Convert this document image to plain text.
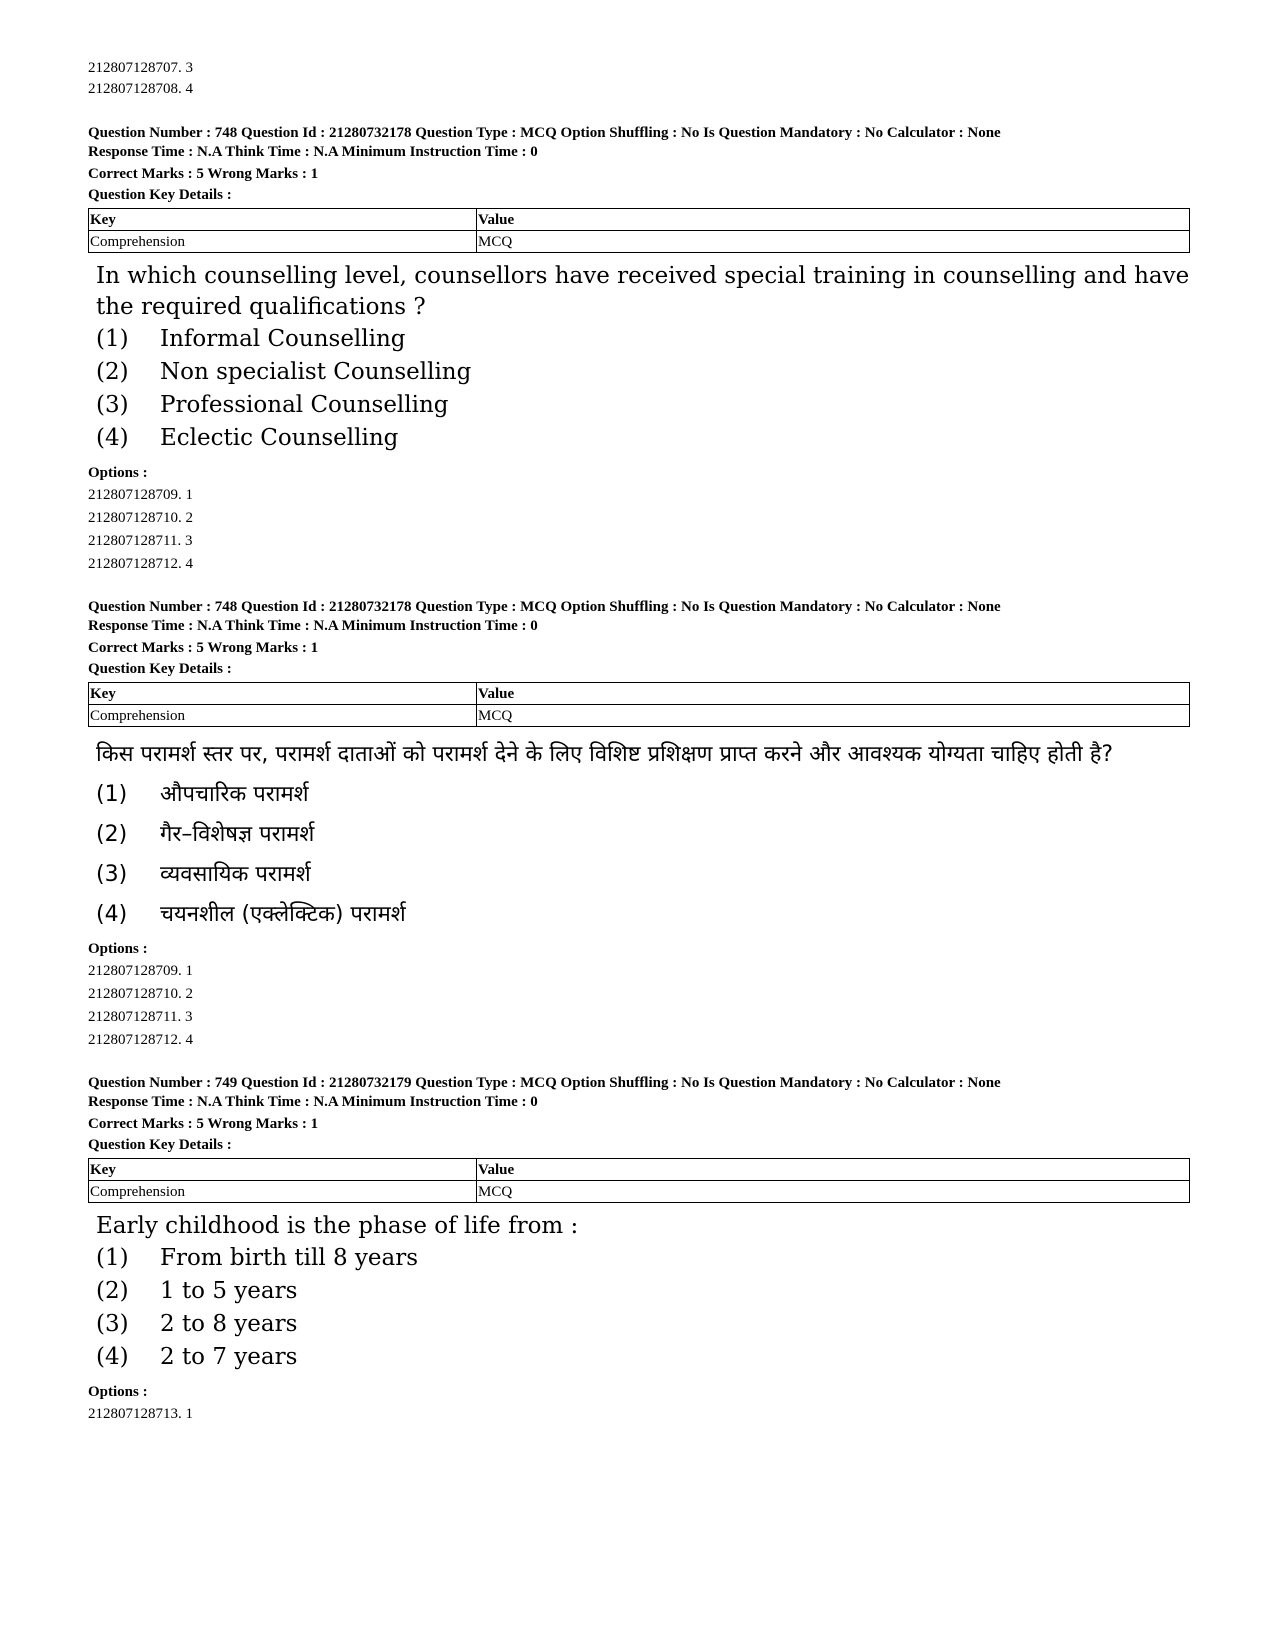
212807128707. 3
212807128708. 4
Question Number : 748 Question Id : 21280732178 Question Type : MCQ Option Shuffling : No Is Question Mandatory : No Calculator : None
Response Time : N.A Think Time : N.A Minimum Instruction Time : 0
Correct Marks : 5 Wrong Marks : 1
Question Key Details :
Key	Value
Comprehension	MCQ
In which counselling level, counsellors have received special training in counselling and have the required qualifications ?
(1)	Informal Counselling
(2)	Non specialist Counselling
(3)	Professional Counselling
(4)	Eclectic Counselling
Options :
212807128709. 1
212807128710. 2
212807128711. 3
212807128712. 4
Question Number : 748 Question Id : 21280732178 Question Type : MCQ Option Shuffling : No Is Question Mandatory : No Calculator : None
Response Time : N.A Think Time : N.A Minimum Instruction Time : 0
Correct Marks : 5 Wrong Marks : 1
Question Key Details :
Key	Value
Comprehension	MCQ
किस परामर्श स्तर पर, परामर्श दाताओं को परामर्श देने के लिए विशिष्ट प्रशिक्षण प्राप्त करने और आवश्यक योग्यता चाहिए होती है?
(1)	औपचारिक परामर्श
(2)	गैर–विशेषज्ञ परामर्श
(3)	व्यवसायिक परामर्श
(4)	चयनशील (एक्लेक्टिक) परामर्श
Options :
212807128709. 1
212807128710. 2
212807128711. 3
212807128712. 4
Question Number : 749 Question Id : 21280732179 Question Type : MCQ Option Shuffling : No Is Question Mandatory : No Calculator : None
Response Time : N.A Think Time : N.A Minimum Instruction Time : 0
Correct Marks : 5 Wrong Marks : 1
Question Key Details :
Key	Value
Comprehension	MCQ
Early childhood is the phase of life from :
(1)	From birth till 8 years
(2)	1 to 5 years
(3)	2 to 8 years
(4)	2 to 7 years
Options :
212807128713. 1
